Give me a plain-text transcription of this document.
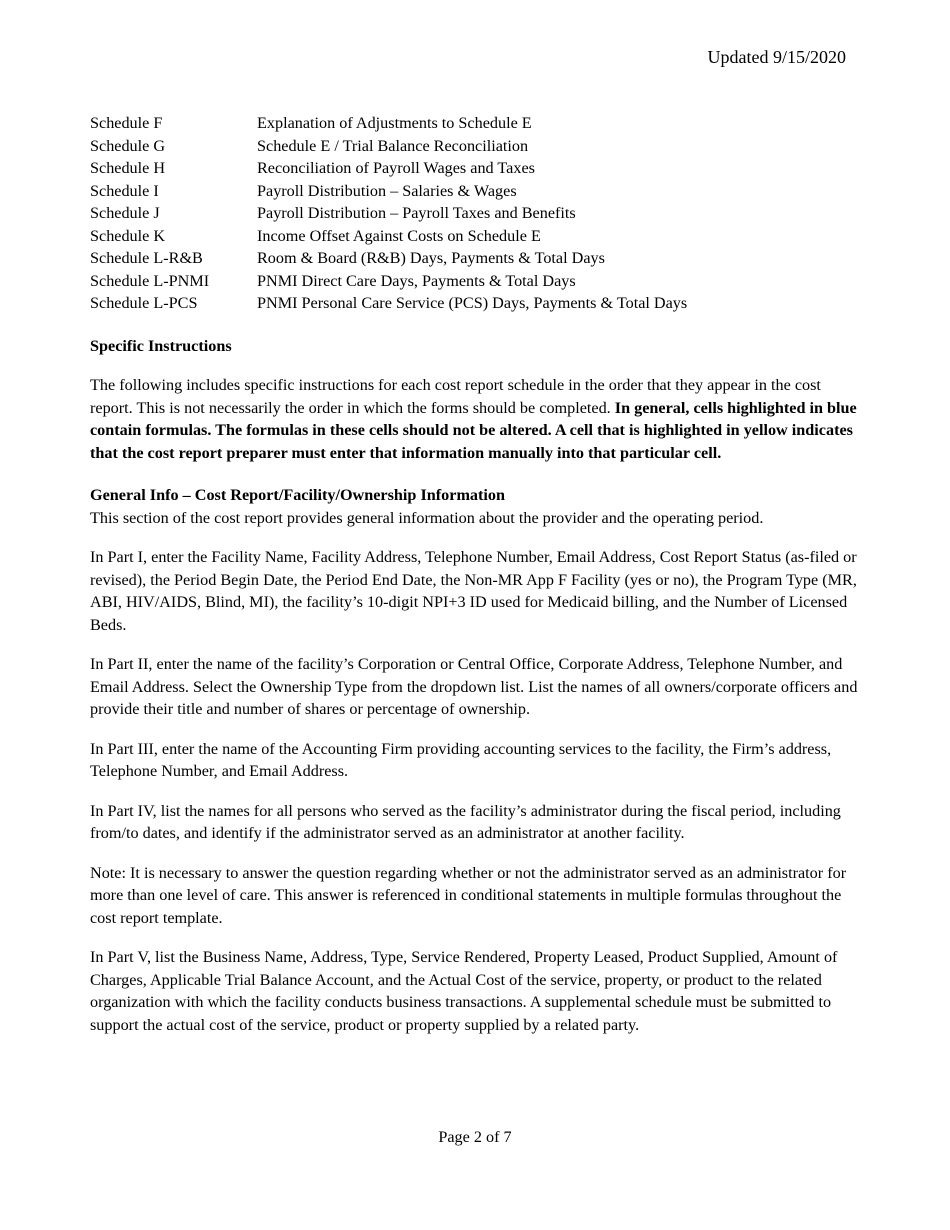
Updated 9/15/2020
Schedule F	Explanation of Adjustments to Schedule E
Schedule G	Schedule E / Trial Balance Reconciliation
Schedule H	Reconciliation of Payroll Wages and Taxes
Schedule I	Payroll Distribution – Salaries & Wages
Schedule J	Payroll Distribution – Payroll Taxes and Benefits
Schedule K	Income Offset Against Costs on Schedule E
Schedule L-R&B	Room & Board (R&B) Days, Payments & Total Days
Schedule L-PNMI	PNMI Direct Care Days, Payments & Total Days
Schedule L-PCS	PNMI Personal Care Service (PCS) Days, Payments & Total Days
Specific Instructions

The following includes specific instructions for each cost report schedule in the order that they appear in the cost report. This is not necessarily the order in which the forms should be completed. In general, cells highlighted in blue contain formulas. The formulas in these cells should not be altered. A cell that is highlighted in yellow indicates that the cost report preparer must enter that information manually into that particular cell.

General Info – Cost Report/Facility/Ownership Information

This section of the cost report provides general information about the provider and the operating period.

In Part I, enter the Facility Name, Facility Address, Telephone Number, Email Address, Cost Report Status (as-filed or revised), the Period Begin Date, the Period End Date, the Non-MR App F Facility (yes or no), the Program Type (MR, ABI, HIV/AIDS, Blind, MI), the facility’s 10-digit NPI+3 ID used for Medicaid billing, and the Number of Licensed Beds.

In Part II, enter the name of the facility’s Corporation or Central Office, Corporate Address, Telephone Number, and Email Address. Select the Ownership Type from the dropdown list. List the names of all owners/corporate officers and provide their title and number of shares or percentage of ownership.

In Part III, enter the name of the Accounting Firm providing accounting services to the facility, the Firm’s address, Telephone Number, and Email Address.

In Part IV, list the names for all persons who served as the facility’s administrator during the fiscal period, including from/to dates, and identify if the administrator served as an administrator at another facility.

Note: It is necessary to answer the question regarding whether or not the administrator served as an administrator for more than one level of care. This answer is referenced in conditional statements in multiple formulas throughout the cost report template.

In Part V, list the Business Name, Address, Type, Service Rendered, Property Leased, Product Supplied, Amount of Charges, Applicable Trial Balance Account, and the Actual Cost of the service, property, or product to the related organization with which the facility conducts business transactions. A supplemental schedule must be submitted to support the actual cost of the service, product or property supplied by a related party.

Page 2 of 7
